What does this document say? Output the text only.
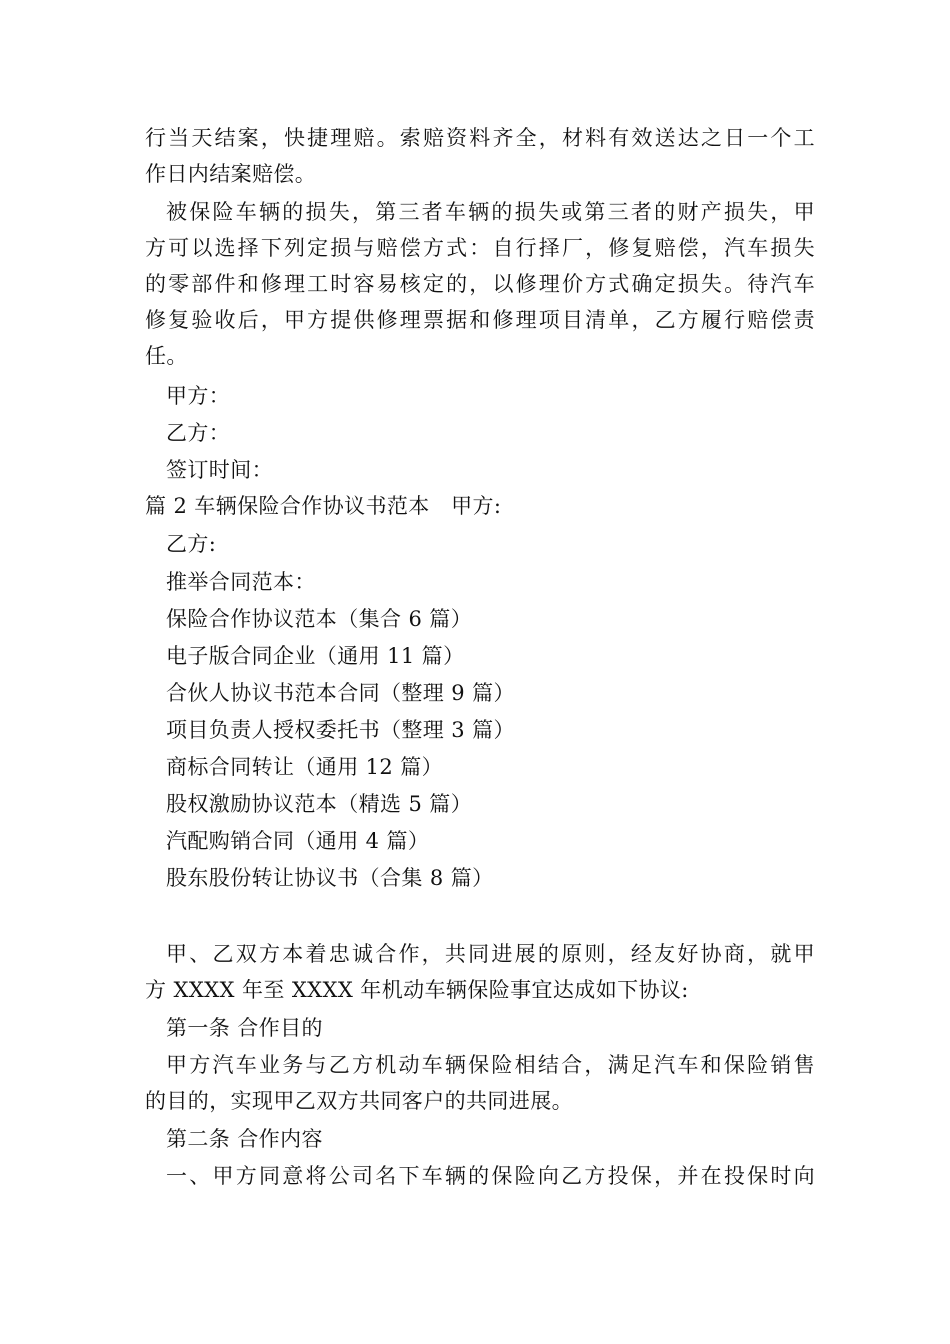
行当天结案，快捷理赔。索赔资料齐全，材料有效送达之日一个工
作日内结案赔偿。
被保险车辆的损失，第三者车辆的损失或第三者的财产损失，甲
方可以选择下列定损与赔偿方式：自行择厂，修复赔偿，汽车损失
的零部件和修理工时容易核定的，以修理价方式确定损失。待汽车
修复验收后，甲方提供修理票据和修理项目清单，乙方履行赔偿责
任。
甲方：
乙方：
签订时间：
篇 2 车辆保险合作协议书范本　甲方:
乙方:
推举合同范本：
保险合作协议范本（集合 6 篇）
电子版合同企业（通用 11 篇）
合伙人协议书范本合同（整理 9 篇）
项目负责人授权委托书（整理 3 篇）
商标合同转让（通用 12 篇）
股权激励协议范本（精选 5 篇）
汽配购销合同（通用 4 篇）
股东股份转让协议书（合集 8 篇）
甲、乙双方本着忠诚合作，共同进展的原则，经友好协商，就甲
方 XXXX 年至 XXXX 年机动车辆保险事宜达成如下协议:
第一条 合作目的
甲方汽车业务与乙方机动车辆保险相结合，满足汽车和保险销售
的目的，实现甲乙双方共同客户的共同进展。
第二条 合作内容
一、甲方同意将公司名下车辆的保险向乙方投保，并在投保时向
